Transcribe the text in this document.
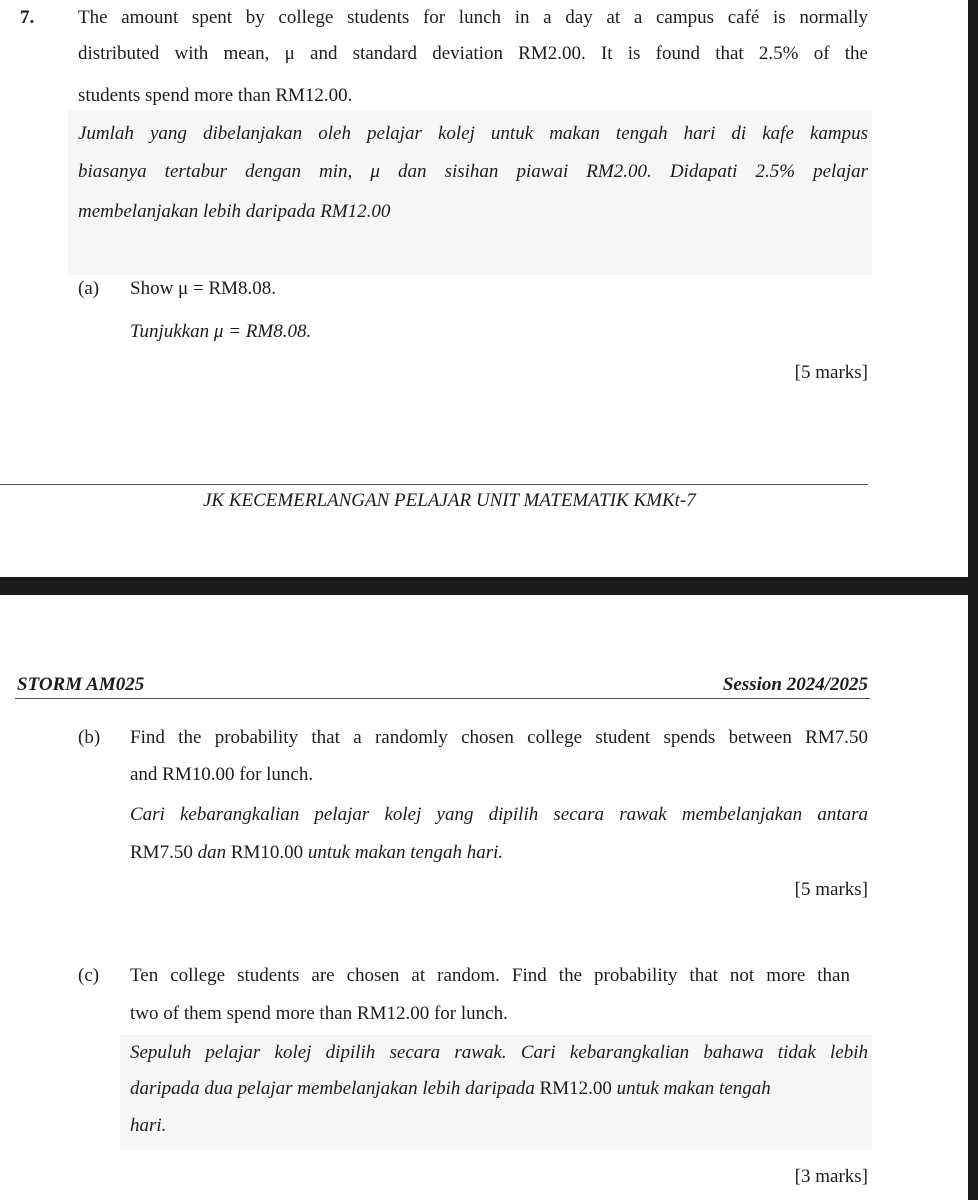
7. The amount spent by college students for lunch in a day at a campus café is normally
distributed with mean, μ and standard deviation RM2.00. It is found that 2.5% of the
students spend more than RM12.00.
Jumlah yang dibelanjakan oleh pelajar kolej untuk makan tengah hari di kafe kampus
biasanya tertabur dengan min, μ dan sisihan piawai RM2.00. Didapati 2.5% pelajar
membelanjakan lebih daripada RM12.00
(a) Show μ = RM8.08.
Tunjukkan μ = RM8.08.
[5 marks]
JK KECEMERLANGAN PELAJAR UNIT MATEMATIK KMKt-7
STORM AM025	Session 2024/2025
(b) Find the probability that a randomly chosen college student spends between RM7.50
and RM10.00 for lunch.
Cari kebarangkalian pelajar kolej yang dipilih secara rawak membelanjakan antara
RM7.50 dan RM10.00 untuk makan tengah hari.
[5 marks]
(c) Ten college students are chosen at random. Find the probability that not more than
two of them spend more than RM12.00 for lunch.
Sepuluh pelajar kolej dipilih secara rawak. Cari kebarangkalian bahawa tidak lebih
daripada dua pelajar membelanjakan lebih daripada RM12.00 untuk makan tengah
hari.
[3 marks]
